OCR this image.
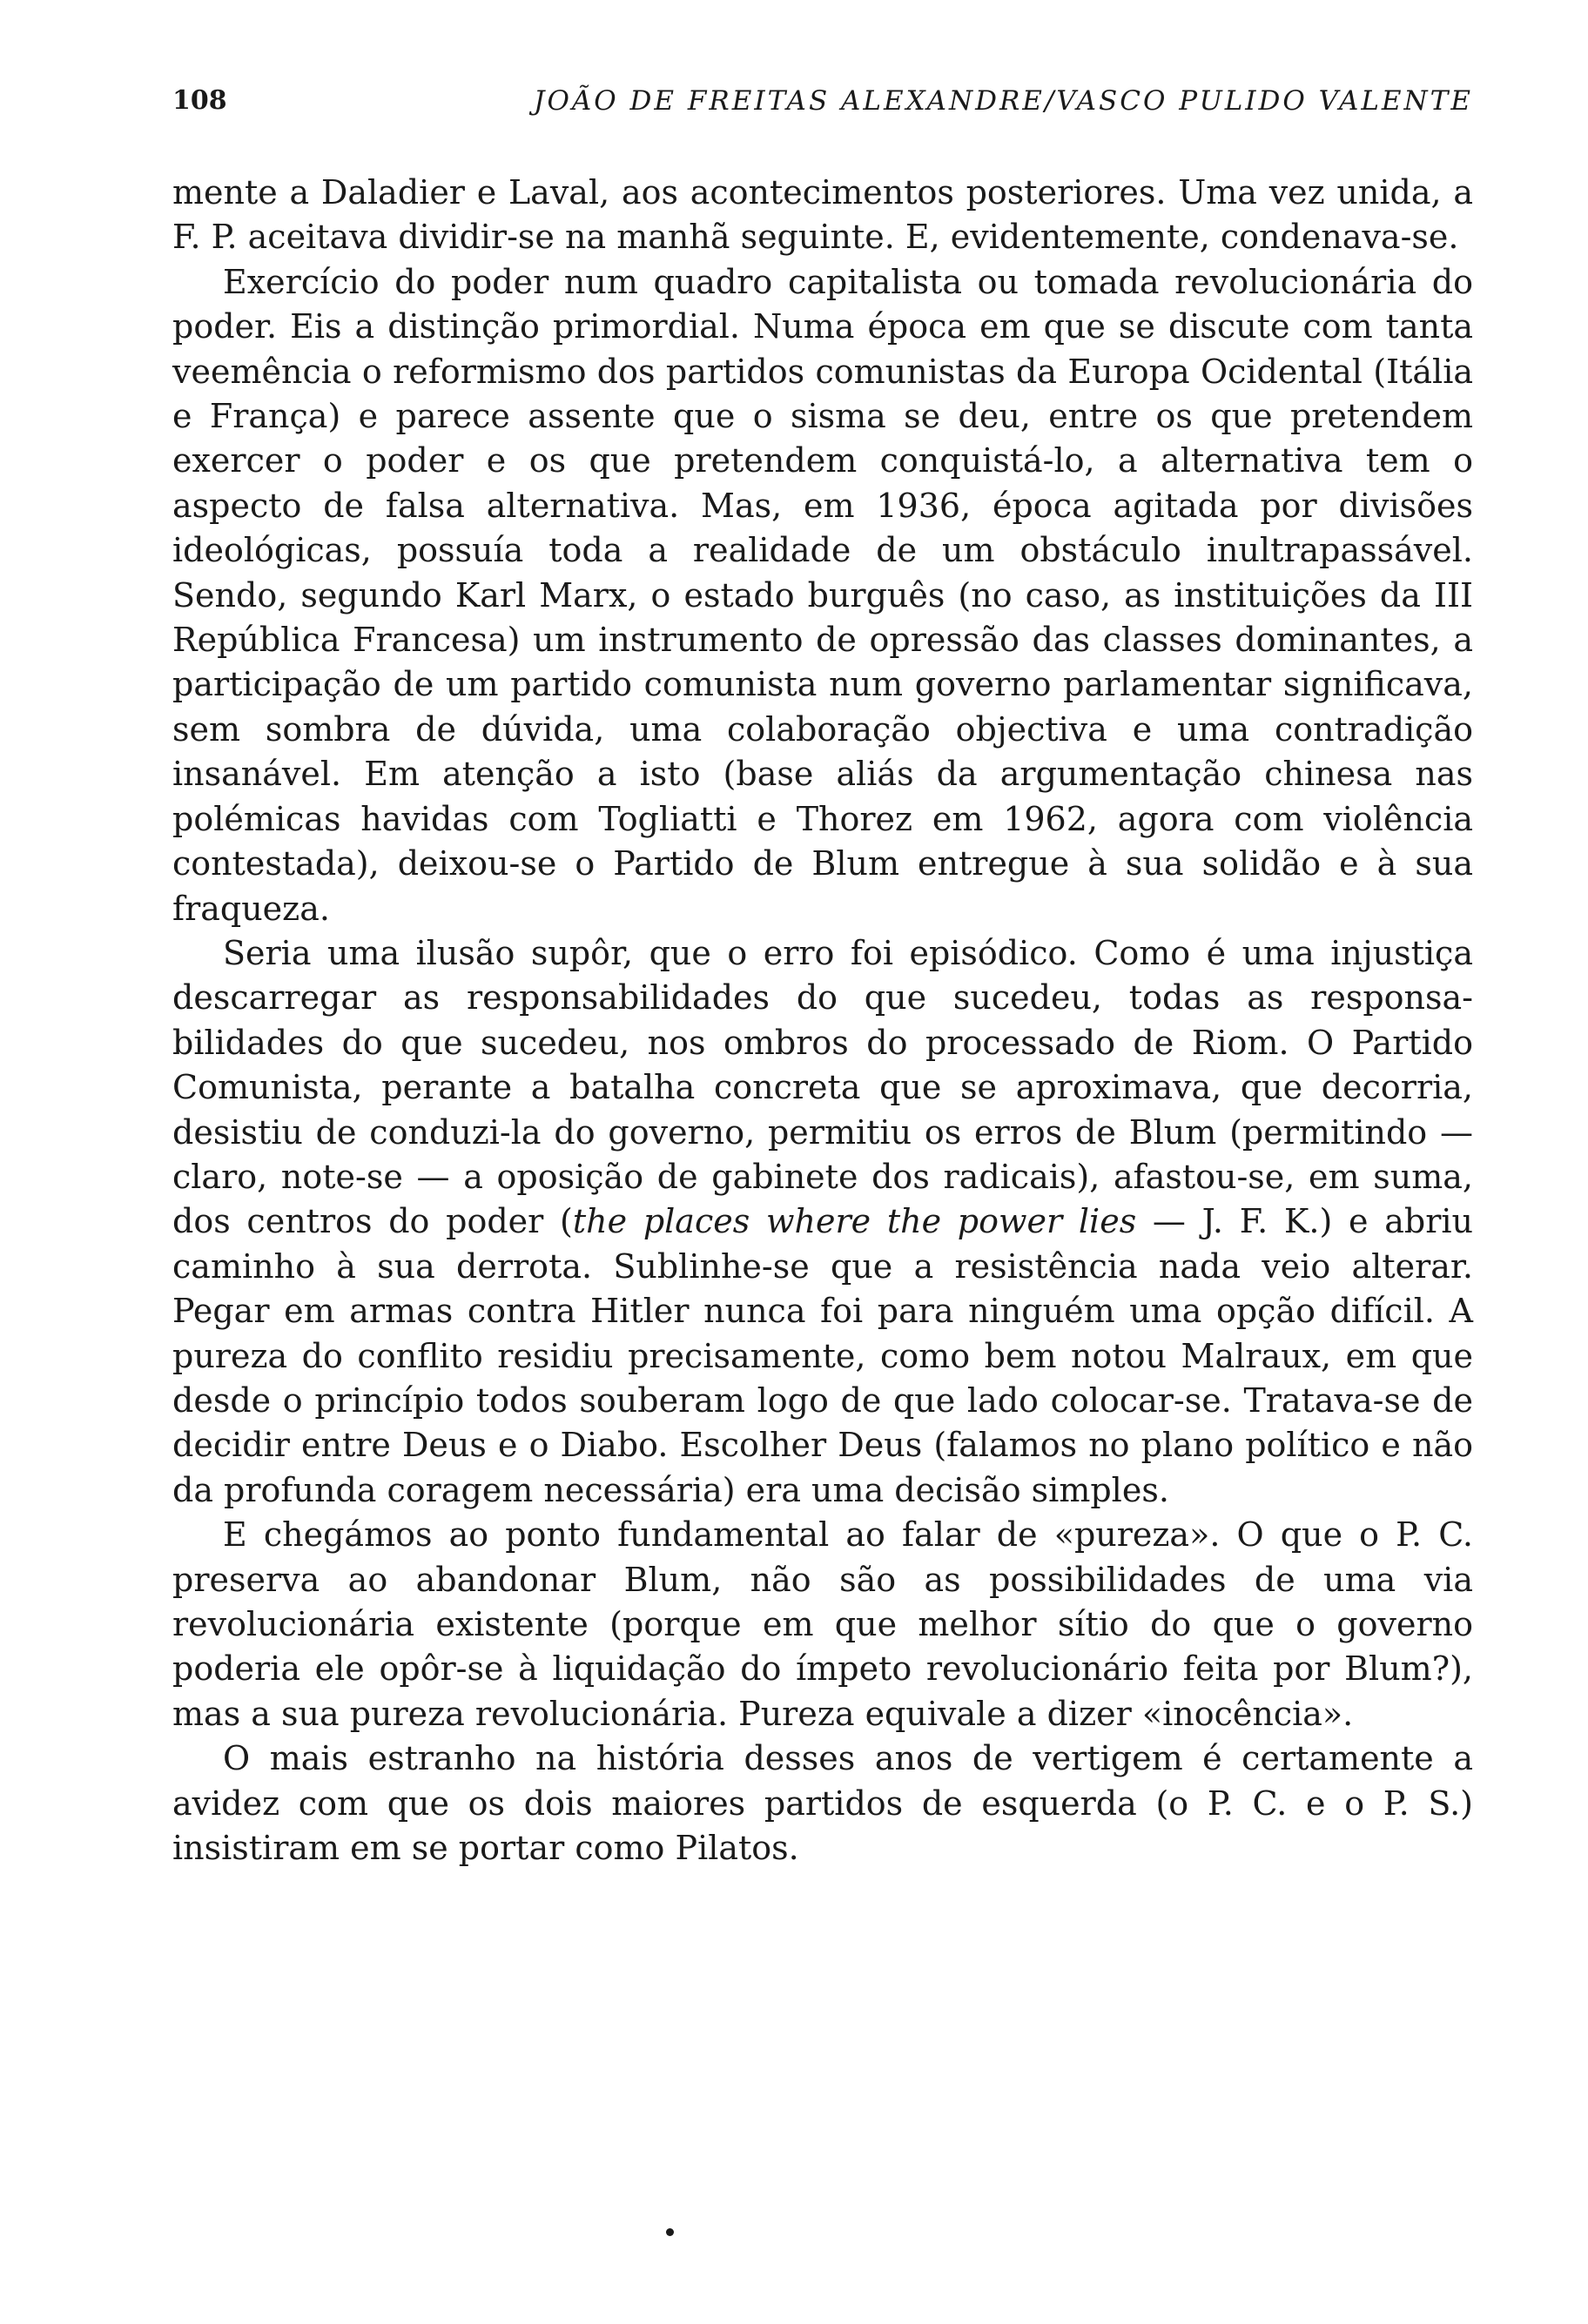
108	JOÃO DE FREITAS ALEXANDRE/VASCO PULIDO VALENTE

mente a Daladier e Laval, aos acontecimentos posteriores. Uma vez unida, a F. P. aceitava dividir-se na manhã seguinte. E, evidentemente, condenava-se.

Exercício do poder num quadro capitalista ou tomada revolucionária do poder. Eis a distinção primordial. Numa época em que se discute com tanta veemência o reformismo dos partidos comunistas da Europa Ocidental (Itália e França) e parece assente que o sisma se deu, entre os que pretendem exercer o poder e os que pretendem conquistá-lo, a alternativa tem o aspecto de falsa alternativa. Mas, em 1936, época agitada por divisões ideológicas, possuía toda a realidade de um obstáculo inultrapassável. Sendo, segundo Karl Marx, o estado burguês (no caso, as instituições da III República Francesa) um instrumento de opressão das classes dominantes, a participação de um partido comunista num governo parlamentar significava, sem sombra de dúvida, uma colaboração objectiva e uma contradição insanável. Em atenção a isto (base aliás da argumentação chinesa nas polémicas havidas com Togliatti e Thorez em 1962, agora com violência contestada), deixou-se o Partido de Blum entregue à sua solidão e à sua fraqueza.

Seria uma ilusão supôr, que o erro foi episódico. Como é uma injustiça descarregar as responsabilidades do que sucedeu, todas as responsabilidades do que sucedeu, nos ombros do processado de Riom. O Partido Comunista, perante a batalha concreta que se aproximava, que decorria, desistiu de conduzi-la do governo, permitiu os erros de Blum (permitindo — claro, note-se — a oposição de gabinete dos radicais), afastou-se, em suma, dos centros do poder (the places where the power lies — J. F. K.) e abriu caminho à sua derrota. Sublinhe-se que a resistência nada veio alterar. Pegar em armas contra Hitler nunca foi para ninguém uma opção difícil. A pureza do conflito residiu precisamente, como bem notou Malraux, em que desde o princípio todos souberam logo de que lado colocar-se. Tratava-se de decidir entre Deus e o Diabo. Escolher Deus (falamos no plano político e não da profunda coragem necessária) era uma decisão simples.

E chegámos ao ponto fundamental ao falar de «pureza». O que o P. C. preserva ao abandonar Blum, não são as possibilidades de uma via revolucionária existente (porque em que melhor sítio do que o governo poderia ele opôr-se à liquidação do ímpeto revolucionário feita por Blum?), mas a sua pureza revolucionária. Pureza equivale a dizer «inocência».

O mais estranho na história desses anos de vertigem é certamente a avidez com que os dois maiores partidos de esquerda (o P. C. e o P. S.) insistiram em se portar como Pilatos.
